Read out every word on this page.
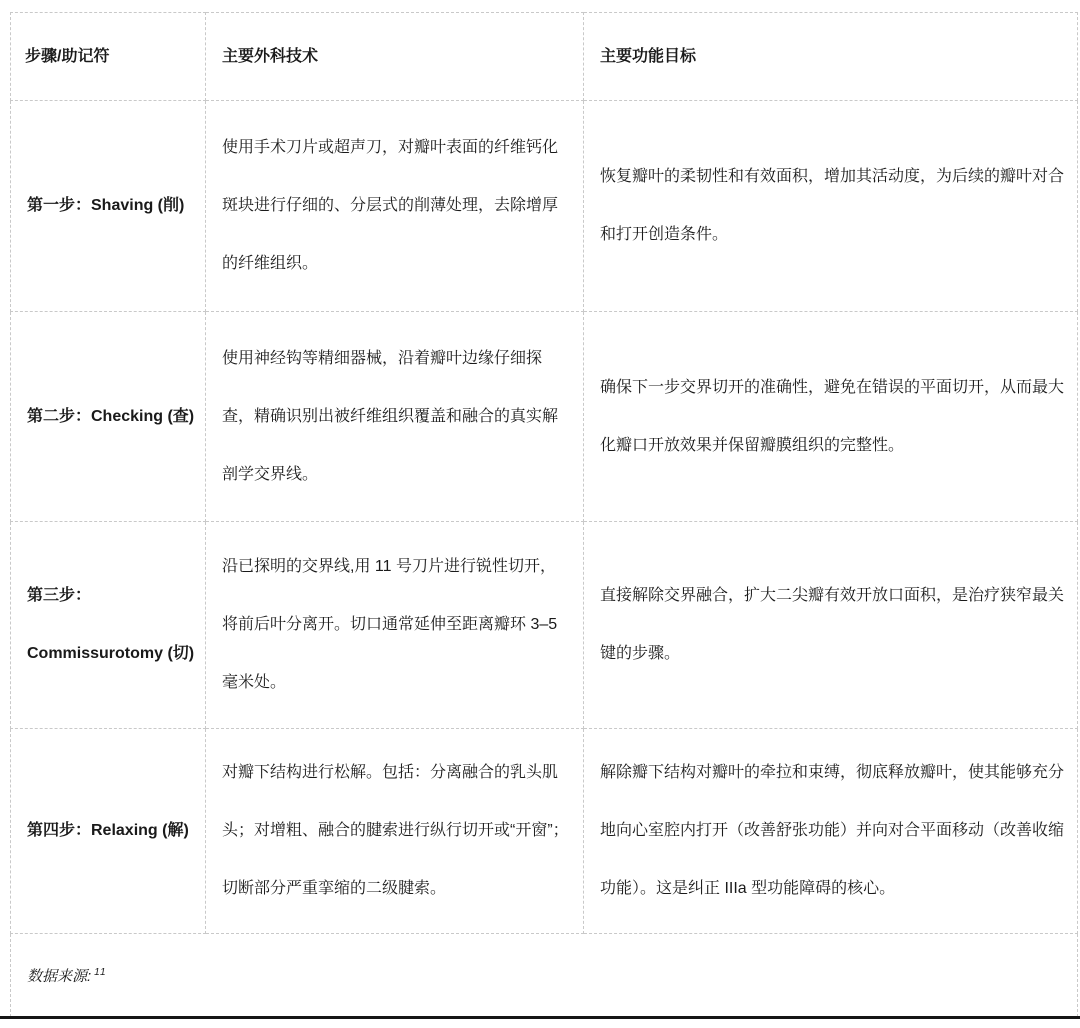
步骤/助记符	主要外科技术	主要功能目标
第一步：Shaving (削)	使用手术刀片或超声刀，对瓣叶表面的纤维钙化斑块进行仔细的、分层式的削薄处理，去除增厚的纤维组织。	恢复瓣叶的柔韧性和有效面积，增加其活动度，为后续的瓣叶对合和打开创造条件。
第二步：Checking (查)	使用神经钩等精细器械，沿着瓣叶边缘仔细探查，精确识别出被纤维组织覆盖和融合的真实解剖学交界线。	确保下一步交界切开的准确性，避免在错误的平面切开，从而最大化瓣口开放效果并保留瓣膜组织的完整性。
第三步：Commissurotomy (切)	沿已探明的交界线,用 11 号刀片进行锐性切开，将前后叶分离开。切口通常延伸至距离瓣环 3–5 毫米处。	直接解除交界融合，扩大二尖瓣有效开放口面积，是治疗狭窄最关键的步骤。
第四步：Relaxing (解)	对瓣下结构进行松解。包括：分离融合的乳头肌头；对增粗、融合的腱索进行纵行切开或“开窗”；切断部分严重挛缩的二级腱索。	解除瓣下结构对瓣叶的牵拉和束缚，彻底释放瓣叶，使其能够充分地向心室腔内打开（改善舒张功能）并向对合平面移动（改善收缩功能）。这是纠正 IIIa 型功能障碍的核心。
数据来源: $^{11}$
